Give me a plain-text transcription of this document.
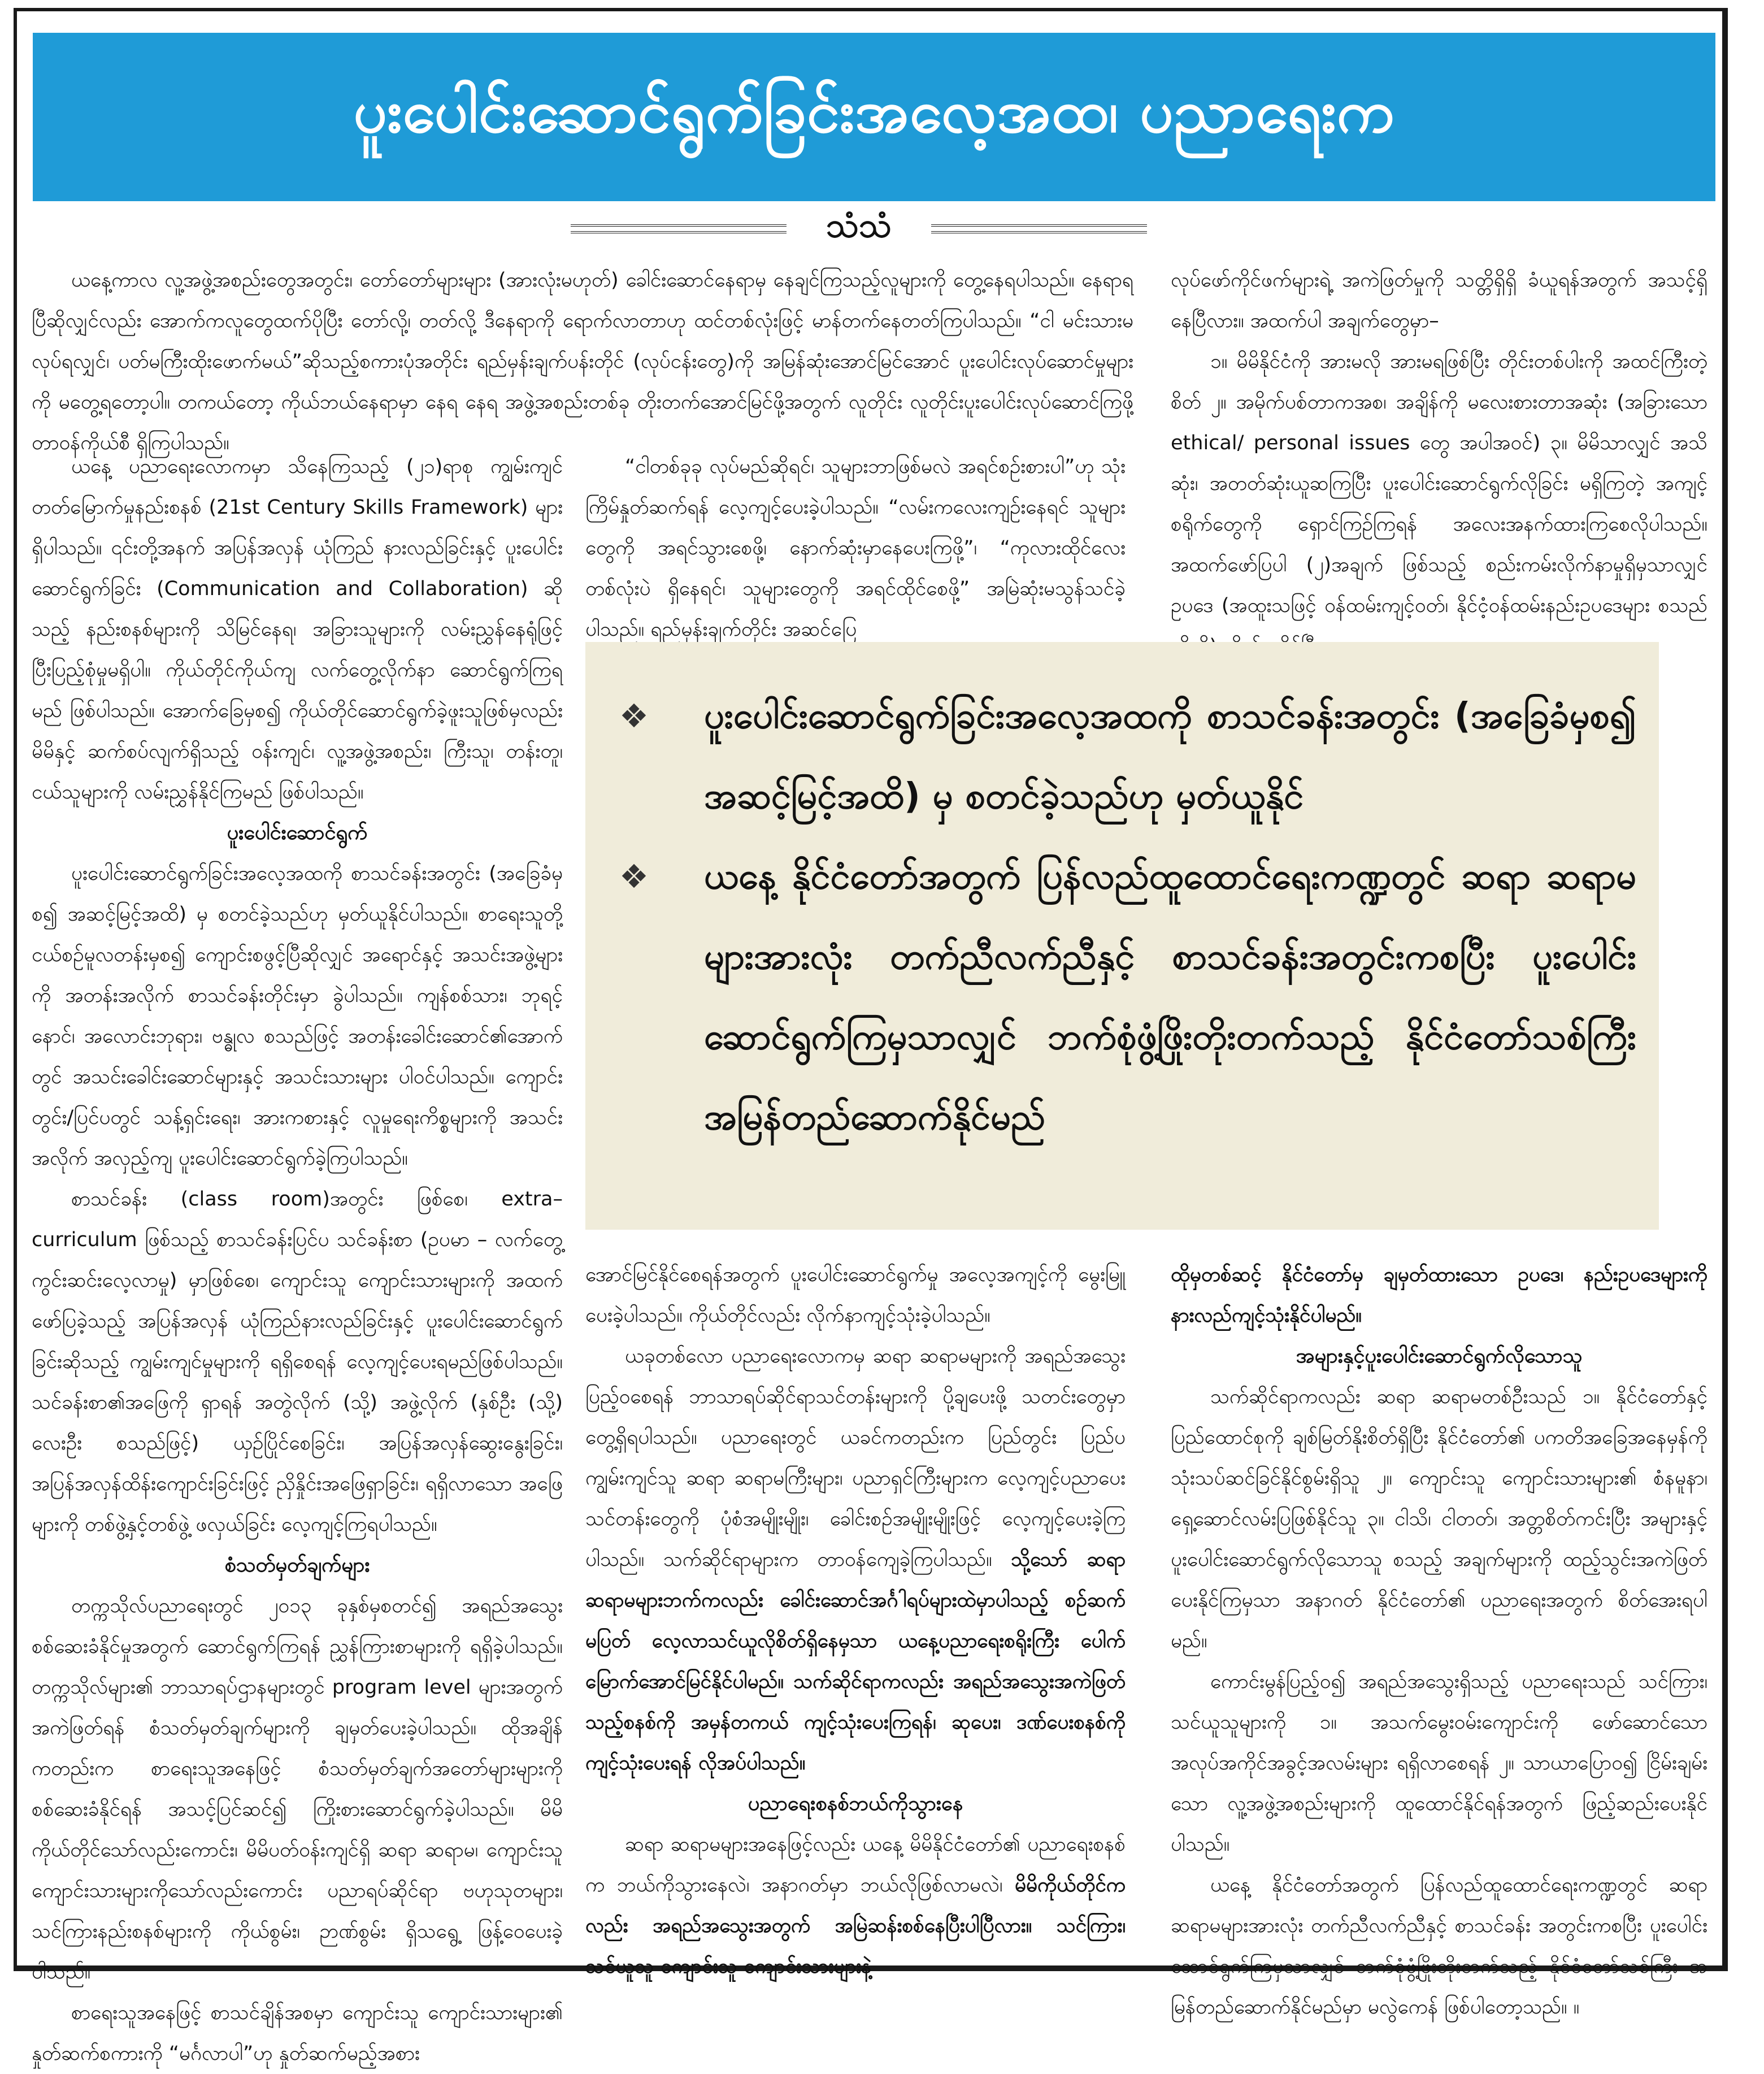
ပူးပေါင်းဆောင်ရွက်ခြင်းအလေ့အထ၊ ပညာရေးက
သံသံ

ယနေ့ကာလ လူ့အဖွဲ့အစည်းတွေအတွင်း၊ တော်တော်များများ (အားလုံးမဟုတ်) ခေါင်းဆောင်နေရာမှ နေချင်ကြသည့်လူများကို တွေ့နေရပါသည်။ နေရာရပြီဆိုလျှင်လည်း အောက်ကလူတွေထက်ပိုပြီး တော်လို့၊ တတ်လို့ ဒီနေရာကို ရောက်လာတာဟု ထင်တစ်လုံးဖြင့် မာန်တက်နေတတ်ကြပါသည်။ “ငါ မင်းသားမလုပ်ရလျှင်၊ ပတ်မကြီးထိုးဖောက်မယ်”ဆိုသည့်စကားပုံအတိုင်း ရည်မှန်းချက်ပန်းတိုင် (လုပ်ငန်းတွေ)ကို အမြန်ဆုံးအောင်မြင်အောင် ပူးပေါင်းလုပ်ဆောင်မှုများကို မတွေ့ရတော့ပါ။ တကယ်တော့ ကိုယ်ဘယ်နေရာမှာ နေရ နေရ အဖွဲ့အစည်းတစ်ခု တိုးတက်အောင်မြင်ဖို့အတွက် လူတိုင်း လူတိုင်းပူးပေါင်းလုပ်ဆောင်ကြဖို့ တာဝန်ကိုယ်စီ ရှိကြပါသည်။

လုပ်ဖော်ကိုင်ဖက်များရဲ့ အကဲဖြတ်မှုကို သတ္တိရှိရှိ ခံယူရန်အတွက် အသင့်ရှိနေပြီလား။ အထက်ပါ အချက်တွေမှာ–

၁။ မိမိနိုင်ငံကို အားမလို အားမရဖြစ်ပြီး တိုင်းတစ်ပါးကို အထင်ကြီးတဲ့စိတ် ၂။ အမိုက်ပစ်တာကအစ၊ အချိန်ကို မလေးစားတာအဆုံး (အခြားသော ethical/ personal issues တွေ အပါအဝင်) ၃။ မိမိသာလျှင် အသိဆုံး၊ အတတ်ဆုံးယူဆကြပြီး ပူးပေါင်းဆောင်ရွက်လိုခြင်း မရှိကြတဲ့ အကျင့်စရိုက်တွေကို ရှောင်ကြဉ်ကြရန် အလေးအနက်ထားကြစေလိုပါသည်။ အထက်ဖော်ပြပါ (၂)အချက် ဖြစ်သည့် စည်းကမ်းလိုက်နာမှုရှိမှသာလျှင် ဥပဒေ (အထူးသဖြင့် ဝန်ထမ်းကျင့်ဝတ်၊ နိုင်ငံ့ဝန်ထမ်းနည်းဥပဒေများ စသည်

ယနေ့ ပညာရေးလောကမှာ သိနေကြသည့် (၂၁)ရာစု ကျွမ်းကျင်တတ်မြောက်မှုနည်းစနစ် (21st Century Skills Framework) များ ရှိပါသည်။ ၎င်းတို့အနက် အပြန်အလှန် ယုံကြည် နားလည်ခြင်းနှင့် ပူးပေါင်းဆောင်ရွက်ခြင်း (Communication and Collaboration) ဆိုသည့် နည်းစနစ်များကို သိမြင်နေရ၊ အခြားသူများကို လမ်းညွှန်နေရုံဖြင့် ပြီးပြည့်စုံမှုမရှိပါ။ ကိုယ်တိုင်ကိုယ်ကျ လက်တွေ့လိုက်နာ ဆောင်ရွက်ကြရမည် ဖြစ်ပါသည်။ အောက်ခြေမှစ၍ ကိုယ်တိုင်ဆောင်ရွက်ခဲ့ဖူးသူဖြစ်မှလည်း မိမိနှင့် ဆက်စပ်လျက်ရှိသည့် ဝန်းကျင်၊ လူ့အဖွဲ့အစည်း၊ ကြီးသူ၊ တန်းတူ၊ ငယ်သူများကို လမ်းညွှန်နိုင်ကြမည် ဖြစ်ပါသည်။

ပူးပေါင်းဆောင်ရွက်

ပူးပေါင်းဆောင်ရွက်ခြင်းအလေ့အထကို စာသင်ခန်းအတွင်း (အခြေခံမှစ၍ အဆင့်မြင့်အထိ) မှ စတင်ခဲ့သည်ဟု မှတ်ယူနိုင်ပါသည်။ စာရေးသူတို့ ငယ်စဉ်မူလတန်းမှစ၍ ကျောင်းစဖွင့်ပြီဆိုလျှင် အရောင်နှင့် အသင်းအဖွဲ့များကို အတန်းအလိုက် စာသင်ခန်းတိုင်းမှာ ခွဲပါသည်။ ကျန်စစ်သား၊ ဘုရင့်နောင်၊ အလောင်းဘုရား၊ ဗန္ဓုလ စသည်ဖြင့် အတန်းခေါင်းဆောင်၏အောက်တွင် အသင်းခေါင်းဆောင်များနှင့် အသင်းသားများ ပါဝင်ပါသည်။ ကျောင်းတွင်း/ပြင်ပတွင် သန့်ရှင်းရေး၊ အားကစားနှင့် လူမှုရေးကိစ္စများကို အသင်းအလိုက် အလှည့်ကျ ပူးပေါင်းဆောင်ရွက်ခဲ့ကြပါသည်။

စာသင်ခန်း (class room)အတွင်း ဖြစ်စေ၊ extra– curriculum ဖြစ်သည့် စာသင်ခန်းပြင်ပ သင်ခန်းစာ (ဥပမာ – လက်တွေ့ ကွင်းဆင်းလေ့လာမှု) မှာဖြစ်စေ၊ ကျောင်းသူ ကျောင်းသားများကို အထက်ဖော်ပြခဲ့သည့် အပြန်အလှန် ယုံကြည်နားလည်ခြင်းနှင့် ပူးပေါင်းဆောင်ရွက်ခြင်းဆိုသည့် ကျွမ်းကျင်မှုများကို ရရှိစေရန် လေ့ကျင့်ပေးရမည်ဖြစ်ပါသည်။ သင်ခန်းစာ၏အဖြေကို ရှာရန် အတွဲလိုက် (သို့) အဖွဲ့လိုက် (နှစ်ဦး (သို့) လေးဦး စသည်ဖြင့်) ယှဉ်ပြိုင်စေခြင်း၊ အပြန်အလှန်ဆွေးနွေးခြင်း၊ အပြန်အလှန်ထိန်းကျောင်းခြင်းဖြင့် ညှိနှိုင်းအဖြေရှာခြင်း၊ ရရှိလာသော အဖြေများကို တစ်ဖွဲ့နှင့်တစ်ဖွဲ့ ဖလှယ်ခြင်း လေ့ကျင့်ကြရပါသည်။

စံသတ်မှတ်ချက်များ

တက္ကသိုလ်ပညာရေးတွင် ၂၀၁၃ ခုနှစ်မှစတင်၍ အရည်အသွေး စစ်ဆေးခံနိုင်မှုအတွက် ဆောင်ရွက်ကြရန် ညွှန်ကြားစာများကို ရရှိခဲ့ပါသည်။ တက္ကသိုလ်များ၏ ဘာသာရပ်ဌာနများတွင် program level များအတွက် အကဲဖြတ်ရန် စံသတ်မှတ်ချက်များကို ချမှတ်ပေးခဲ့ပါသည်။ ထိုအချိန်ကတည်းက စာရေးသူအနေဖြင့် စံသတ်မှတ်ချက်အတော်များများကို စစ်ဆေးခံနိုင်ရန် အသင့်ပြင်ဆင်၍ ကြိုးစားဆောင်ရွက်ခဲ့ပါသည်။ မိမိကိုယ်တိုင်သော်လည်းကောင်း၊ မိမိပတ်ဝန်းကျင်ရှိ ဆရာ ဆရာမ၊ ကျောင်းသူ ကျောင်းသားများကိုသော်လည်းကောင်း ပညာရပ်ဆိုင်ရာ ဗဟုသုတများ၊ သင်ကြားနည်းစနစ်များကို ကိုယ်စွမ်း၊ ဉာဏ်စွမ်း ရှိသရွေ့ ဖြန့်ဝေပေးခဲ့ပါသည်။

စာရေးသူအနေဖြင့် စာသင်ချိန်အစမှာ ကျောင်းသူ ကျောင်းသားများ၏ နှုတ်ဆက်စကားကို “မင်္ဂလာပါ”ဟု နှုတ်ဆက်မည့်အစား

“ငါတစ်ခုခု လုပ်မည်ဆိုရင်၊ သူများဘာဖြစ်မလဲ အရင်စဉ်းစားပါ”ဟု သုံးကြိမ်နှုတ်ဆက်ရန် လေ့ကျင့်ပေးခဲ့ပါသည်။ “လမ်းကလေးကျဉ်းနေရင် သူများတွေကို အရင်သွားစေဖို့၊ နောက်ဆုံးမှာနေပေးကြဖို့”၊ “ကုလားထိုင်လေးတစ်လုံးပဲ ရှိနေရင်၊ သူများတွေကို အရင်ထိုင်စေဖို့” အမြဲဆုံးမသွန်သင်ခဲ့ပါသည်။ ရည်မှန်းချက်တိုင်း အဆင်ပြေ

❖	ပူးပေါင်းဆောင်ရွက်ခြင်းအလေ့အထကို စာသင်ခန်းအတွင်း (အခြေခံမှစ၍ အဆင့်မြင့်အထိ) မှ စတင်ခဲ့သည်ဟု မှတ်ယူနိုင်
❖	ယနေ့ နိုင်ငံတော်အတွက် ပြန်လည်ထူထောင်ရေးကဏ္ဍတွင် ဆရာ ဆရာမများအားလုံး တက်ညီလက်ညီနှင့် စာသင်ခန်းအတွင်းကစပြီး ပူးပေါင်းဆောင်ရွက်ကြမှသာလျှင် ဘက်စုံဖွံ့ဖြိုးတိုးတက်သည့် နိုင်ငံတော်သစ်ကြီး အမြန်တည်ဆောက်နိုင်မည်

အောင်မြင်နိုင်စေရန်အတွက် ပူးပေါင်းဆောင်ရွက်မှု အလေ့အကျင့်ကို မွေးမြူပေးခဲ့ပါသည်။ ကိုယ်တိုင်လည်း လိုက်နာကျင့်သုံးခဲ့ပါသည်။

ယခုတစ်လော ပညာရေးလောကမှ ဆရာ ဆရာမများကို အရည်အသွေးပြည့်ဝစေရန် ဘာသာရပ်ဆိုင်ရာသင်တန်းများကို ပို့ချပေးဖို့ သတင်းတွေမှာ တွေ့ရှိရပါသည်။ ပညာရေးတွင် ယခင်ကတည်းက ပြည်တွင်း ပြည်ပ ကျွမ်းကျင်သူ ဆရာ ဆရာမကြီးများ၊ ပညာရှင်ကြီးများက လေ့ကျင့်ပညာပေးသင်တန်းတွေကို ပုံစံအမျိုးမျိုး၊ ခေါင်းစဉ်အမျိုးမျိုးဖြင့် လေ့ကျင့်ပေးခဲ့ကြပါသည်။ သက်ဆိုင်ရာများက တာဝန်ကျေခဲ့ကြပါသည်။ သို့သော် ဆရာ ဆရာမများဘက်ကလည်း ခေါင်းဆောင်အင်္ဂါရပ်များထဲမှာပါသည့် စဉ်ဆက်မပြတ် လေ့လာသင်ယူလိုစိတ်ရှိနေမှသာ ယနေ့ပညာရေးစရိုးကြီး ပေါက်မြောက်အောင်မြင်နိုင်ပါမည်။ သက်ဆိုင်ရာကလည်း အရည်အသွေးအကဲဖြတ်သည့်စနစ်ကို အမှန်တကယ် ကျင့်သုံးပေးကြရန်၊ ဆုပေး၊ ဒဏ်ပေးစနစ်ကို ကျင့်သုံးပေးရန် လိုအပ်ပါသည်။

ပညာရေးစနစ်ဘယ်ကိုသွားနေ

ဆရာ ဆရာမများအနေဖြင့်လည်း ယနေ့ မိမိနိုင်ငံတော်၏ ပညာရေးစနစ်က ဘယ်ကိုသွားနေလဲ၊ အနာဂတ်မှာ ဘယ်လိုဖြစ်လာမလဲ၊ မိမိကိုယ်တိုင်ကလည်း အရည်အသွေးအတွက် အမြဲဆန်းစစ်နေပြီးပါပြီလား။ သင်ကြား၊ သင်ယူသူ ကျောင်းသူ ကျောင်းသားများနဲ့

ထိုမှတစ်ဆင့် နိုင်ငံတော်မှ ချမှတ်ထားသော ဥပဒေ၊ နည်းဥပဒေများကို နားလည်ကျင့်သုံးနိုင်ပါမည်။

အများနှင့်ပူးပေါင်းဆောင်ရွက်လိုသောသူ

သက်ဆိုင်ရာကလည်း ဆရာ ဆရာမတစ်ဦးသည် ၁။ နိုင်ငံတော်နှင့် ပြည်ထောင်စုကို ချစ်မြတ်နိုးစိတ်ရှိပြီး နိုင်ငံတော်၏ ပကတိအခြေအနေမှန်ကို သုံးသပ်ဆင်ခြင်နိုင်စွမ်းရှိသူ ၂။ ကျောင်းသူ ကျောင်းသားများ၏ စံနမူနာ၊ ရှေ့ဆောင်လမ်းပြဖြစ်နိုင်သူ ၃။ ငါသိ၊ ငါတတ်၊ အတ္တစိတ်ကင်းပြီး အများနှင့်ပူးပေါင်းဆောင်ရွက်လိုသောသူ စသည့် အချက်များကို ထည့်သွင်းအကဲဖြတ်ပေးနိုင်ကြမှသာ အနာဂတ် နိုင်ငံတော်၏ ပညာရေးအတွက် စိတ်အေးရပါမည်။

ကောင်းမွန်ပြည့်ဝ၍ အရည်အသွေးရှိသည့် ပညာရေးသည် သင်ကြား၊ သင်ယူသူများကို ၁။ အသက်မွေးဝမ်းကျောင်းကို ဖော်ဆောင်သော အလုပ်အကိုင်အခွင့်အလမ်းများ ရရှိလာစေရန် ၂။ သာယာပြောဝ၍ ငြိမ်းချမ်းသော လူ့အဖွဲ့အစည်းများကို ထူထောင်နိုင်ရန်အတွက် ဖြည့်ဆည်းပေးနိုင်ပါသည်။

ယနေ့ နိုင်ငံတော်အတွက် ပြန်လည်ထူထောင်ရေးကဏ္ဍတွင် ဆရာ ဆရာမများအားလုံး တက်ညီလက်ညီနှင့် စာသင်ခန်း အတွင်းကစပြီး ပူးပေါင်းဆောင်ရွက်ကြမှသာလျှင် ဘက်စုံဖွံ့ဖြိုးတိုးတက်သည့် နိုင်ငံတော်သစ်ကြီး အမြန်တည်ဆောက်နိုင်မည်မှာ မလွဲကေန် ဖြစ်ပါတော့သည်။ ။
